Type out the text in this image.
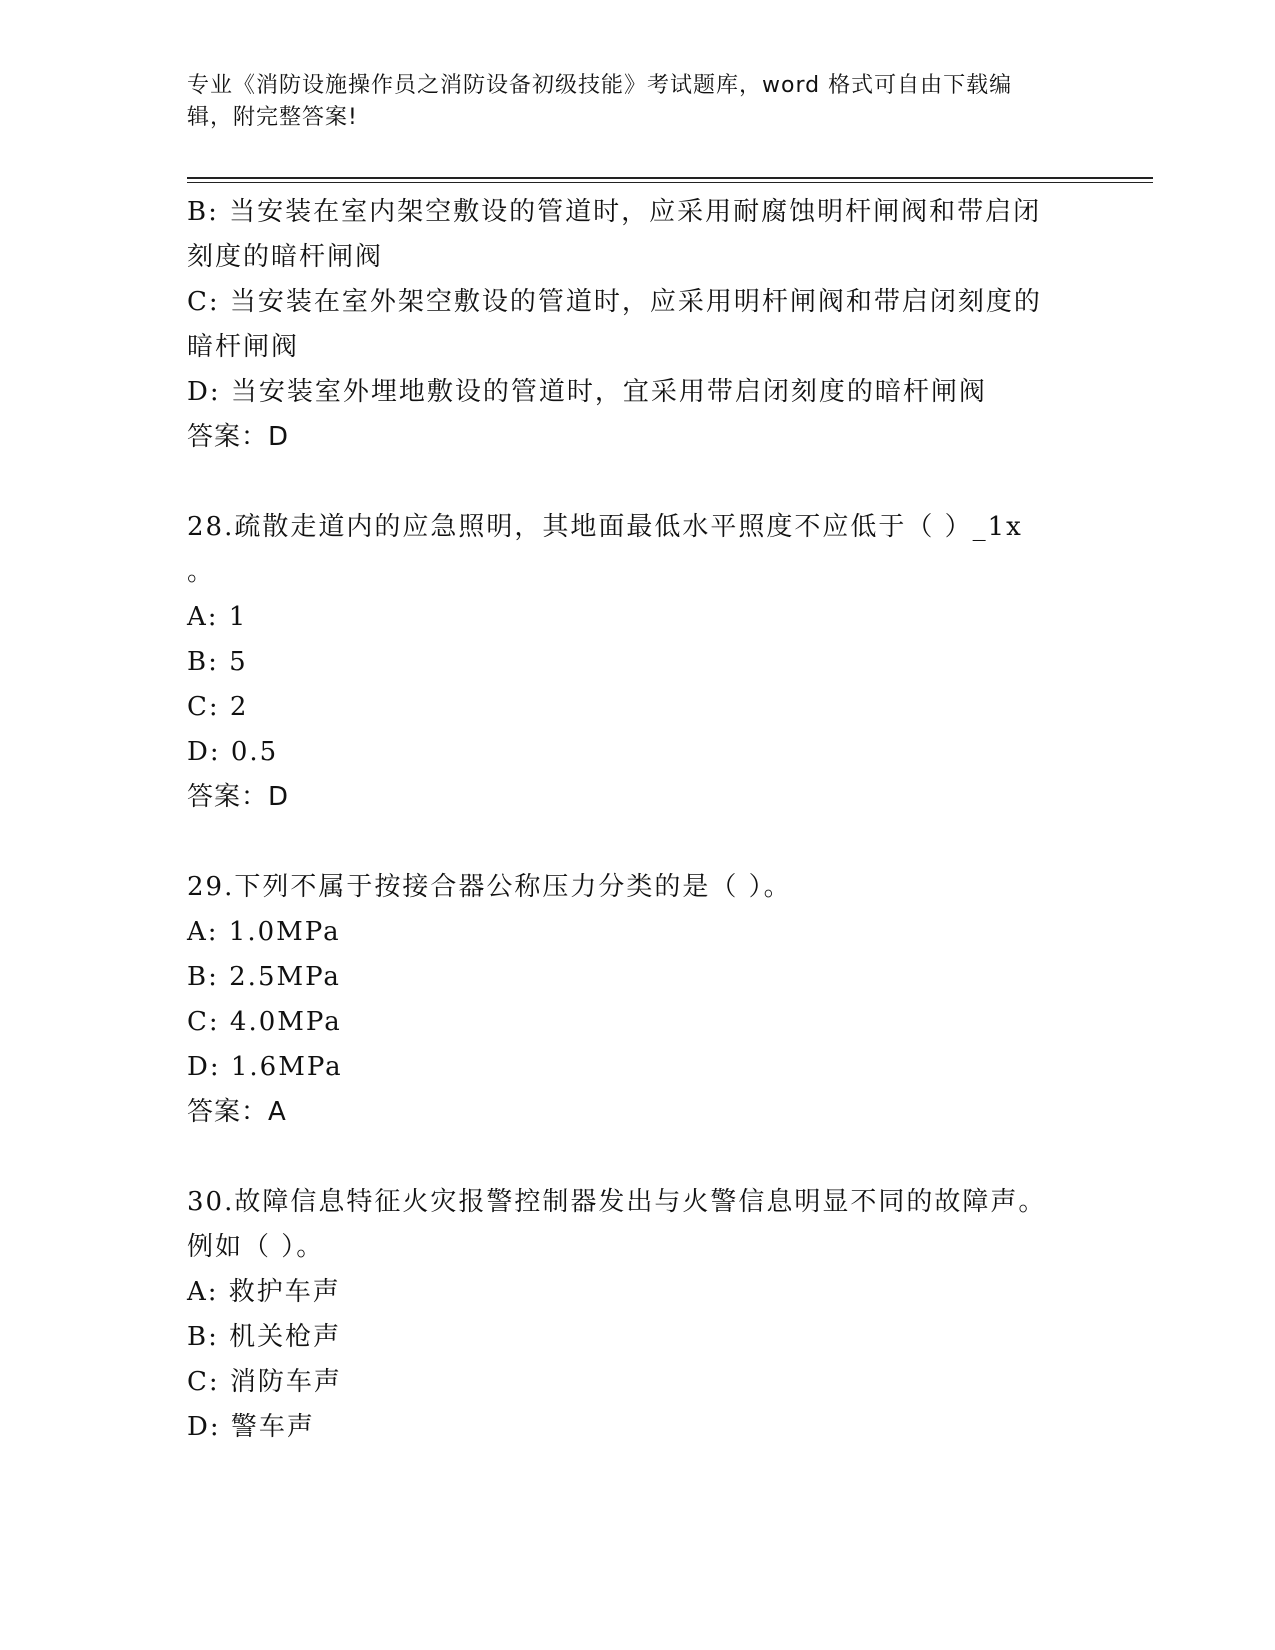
专业《消防设施操作员之消防设备初级技能》考试题库，word 格式可自由下载编
辑，附完整答案!
B: 当安装在室内架空敷设的管道时，应采用耐腐蚀明杆闸阀和带启闭
刻度的暗杆闸阀
C: 当安装在室外架空敷设的管道时，应采用明杆闸阀和带启闭刻度的
暗杆闸阀
D: 当安装室外埋地敷设的管道时，宜采用带启闭刻度的暗杆闸阀
答案：D
28.疏散走道内的应急照明，其地面最低水平照度不应低于（ ）_1x
。
A: 1
B: 5
C: 2
D: 0.5
答案：D
29.下列不属于按接合器公称压力分类的是（ ）。
A: 1.0MPa
B: 2.5MPa
C: 4.0MPa
D: 1.6MPa
答案：A
30.故障信息特征火灾报警控制器发出与火警信息明显不同的故障声。
例如（ ）。
A: 救护车声
B: 机关枪声
C: 消防车声
D: 警车声
